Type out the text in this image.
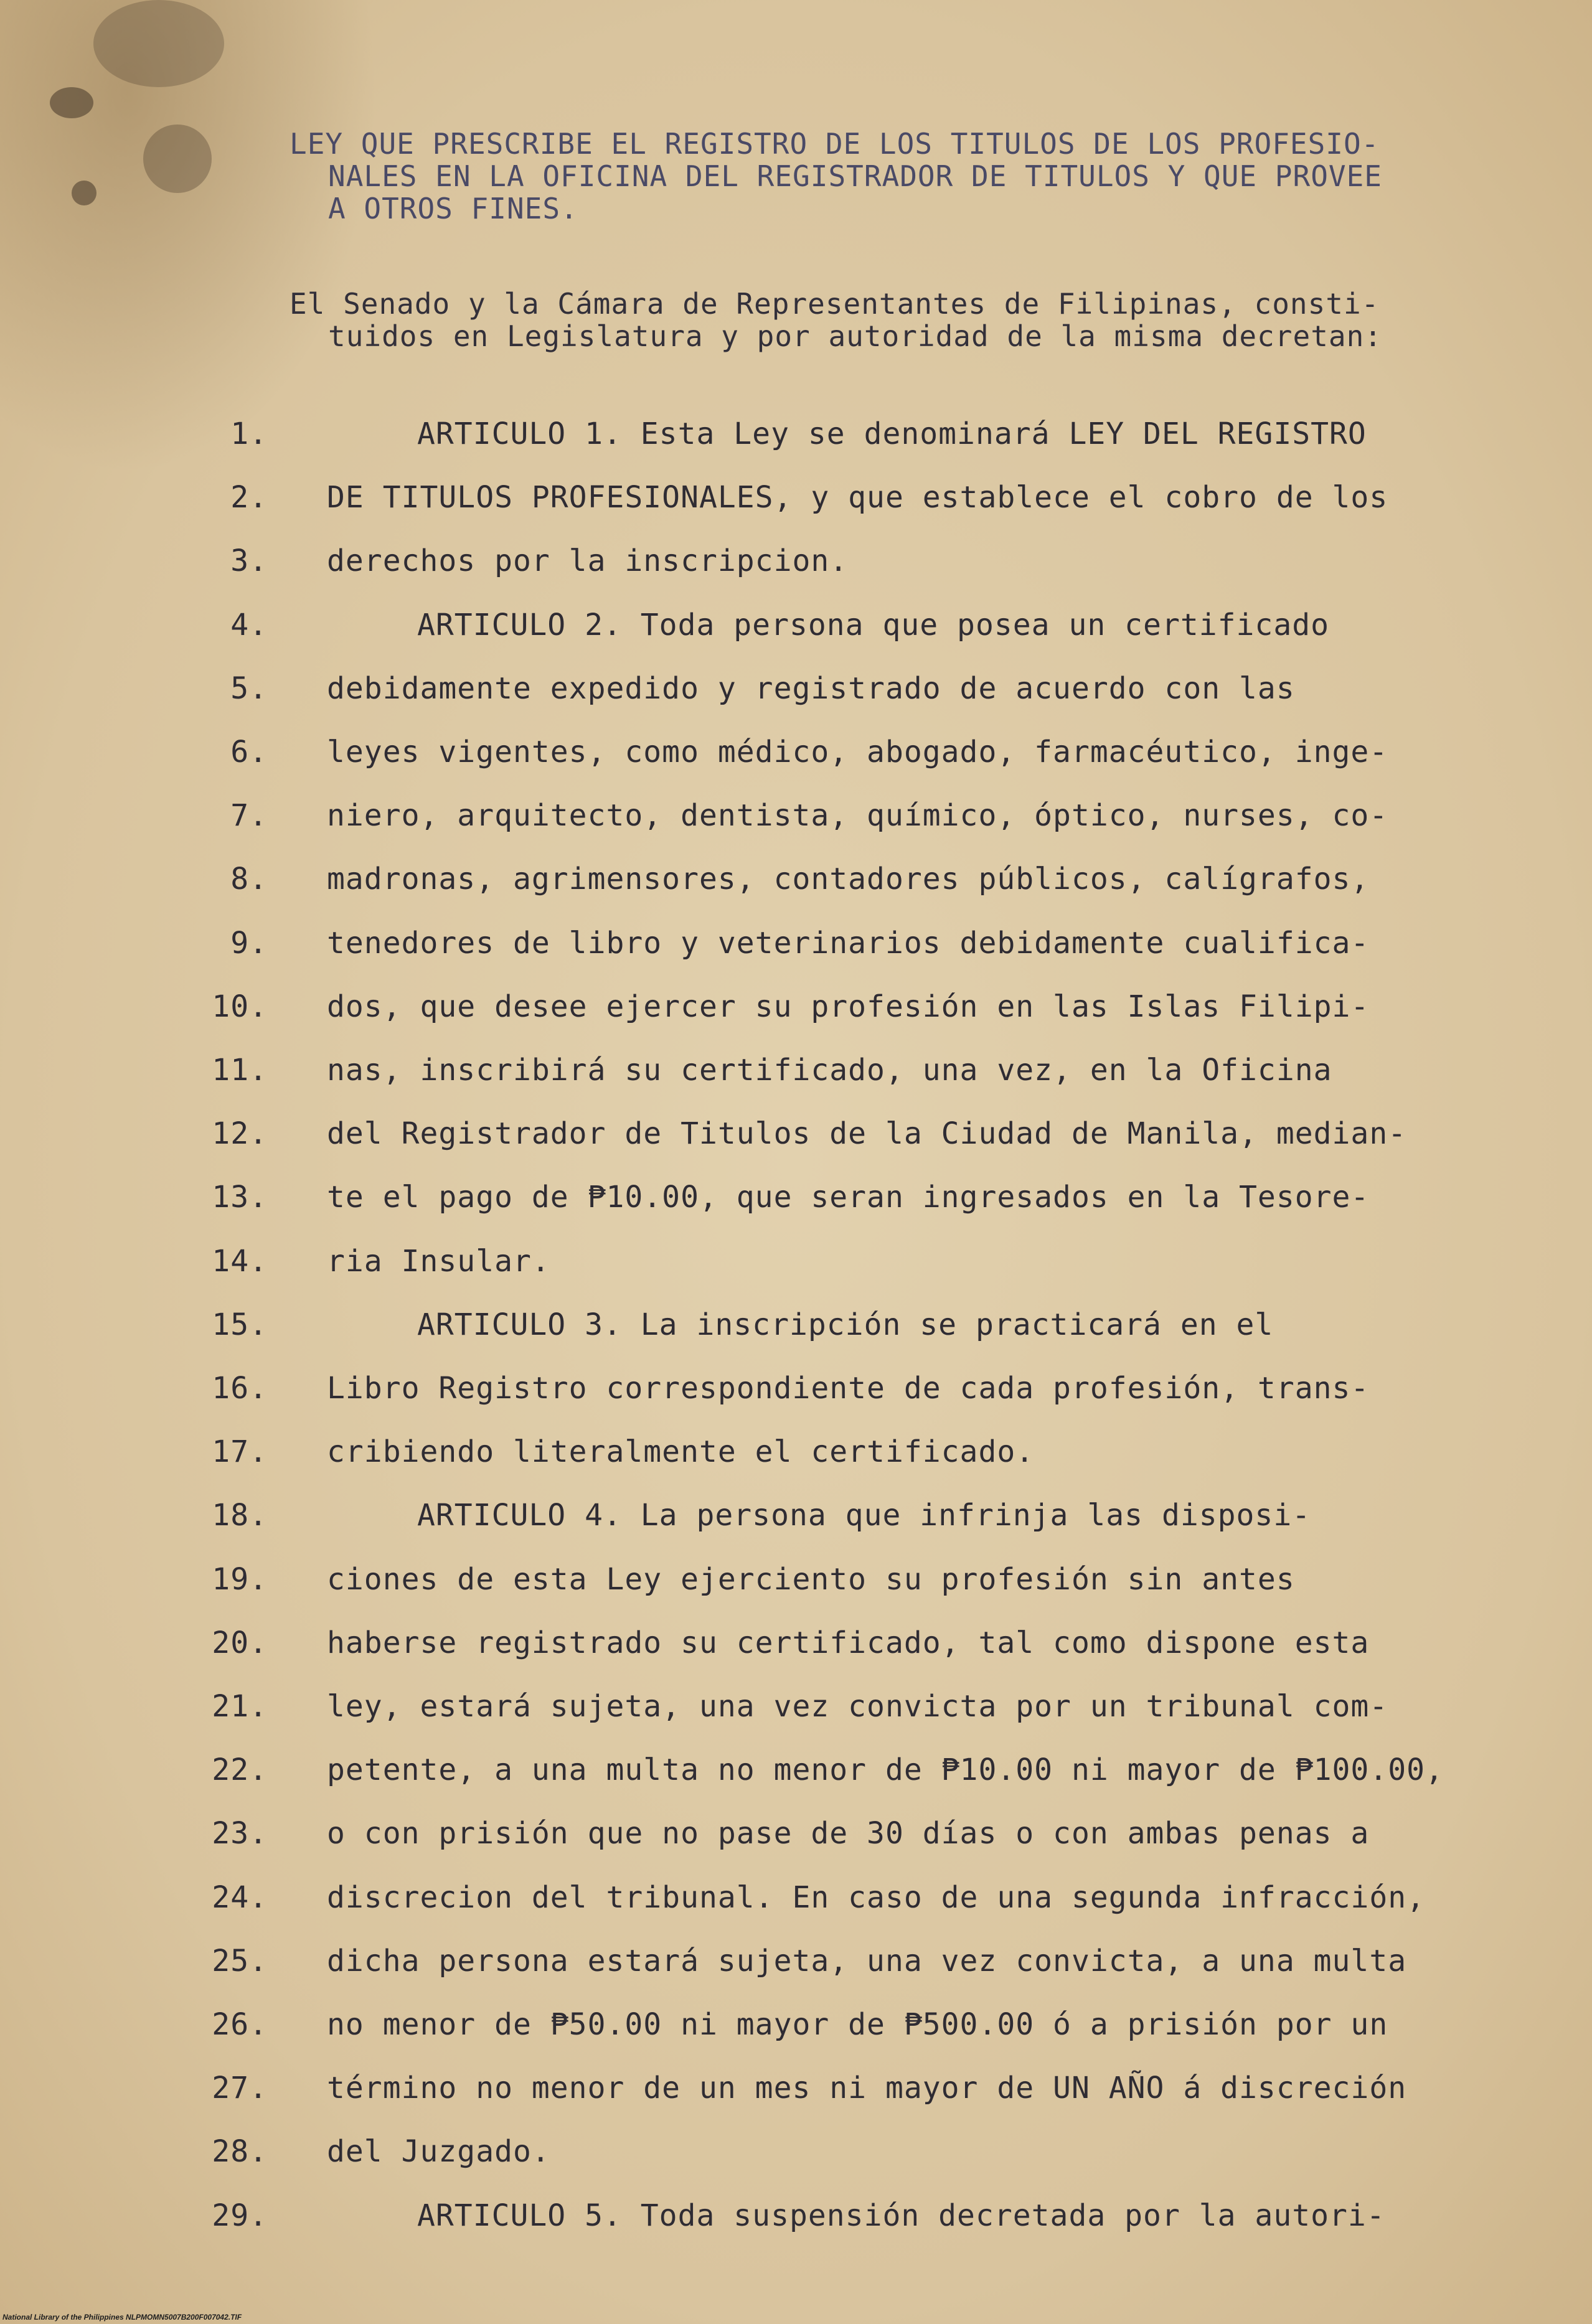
LEY QUE PRESCRIBE EL REGISTRO DE LOS TITULOS DE LOS PROFESIO-
NALES EN LA OFICINA DEL REGISTRADOR DE TITULOS Y QUE PROVEE
A OTROS FINES.
El Senado y la Cámara de Representantes de Filipinas, consti-
tuidos en Legislatura y por autoridad de la misma decretan:
1.	ARTICULO 1. Esta Ley se denominará LEY DEL REGISTRO
2. DE TITULOS PROFESIONALES, y que establece el cobro de los
3. derechos por la inscripcion.
4.	ARTICULO 2. Toda persona que posea un certificado
5. debidamente expedido y registrado de acuerdo con las
6. leyes vigentes, como médico, abogado, farmacéutico, inge-
7. niero, arquitecto, dentista, químico, óptico, nurses, co-
8. madronas, agrimensores, contadores públicos, calígrafos,
9. tenedores de libro y veterinarios debidamente cualifica-
10. dos, que desee ejercer su profesión en las Islas Filipi-
11. nas, inscribirá su certificado, una vez, en la Oficina
12. del Registrador de Titulos de la Ciudad de Manila, median-
13. te el pago de ₱10.00, que seran ingresados en la Tesore-
14. ria Insular.
15.	ARTICULO 3. La inscripción se practicará en el
16. Libro Registro correspondiente de cada profesión, trans-
17. cribiendo literalmente el certificado.
18.	ARTICULO 4. La persona que infrinja las disposi-
19. ciones de esta Ley ejerciento su profesión sin antes
20. haberse registrado su certificado, tal como dispone esta
21. ley, estará sujeta, una vez convicta por un tribunal com-
22. petente, a una multa no menor de ₱10.00 ni mayor de ₱100.00,
23. o con prisión que no pase de 30 días o con ambas penas a
24. discrecion del tribunal. En caso de una segunda infracción,
25. dicha persona estará sujeta, una vez convicta, a una multa
26. no menor de ₱50.00 ni mayor de ₱500.00 ó a prisión por un
27. término no menor de un mes ni mayor de UN AÑO á discreción
28. del Juzgado.
29.	ARTICULO 5. Toda suspensión decretada por la autori-
National Library of the Philippines NLPMOMN5007B200F007042.TIF
